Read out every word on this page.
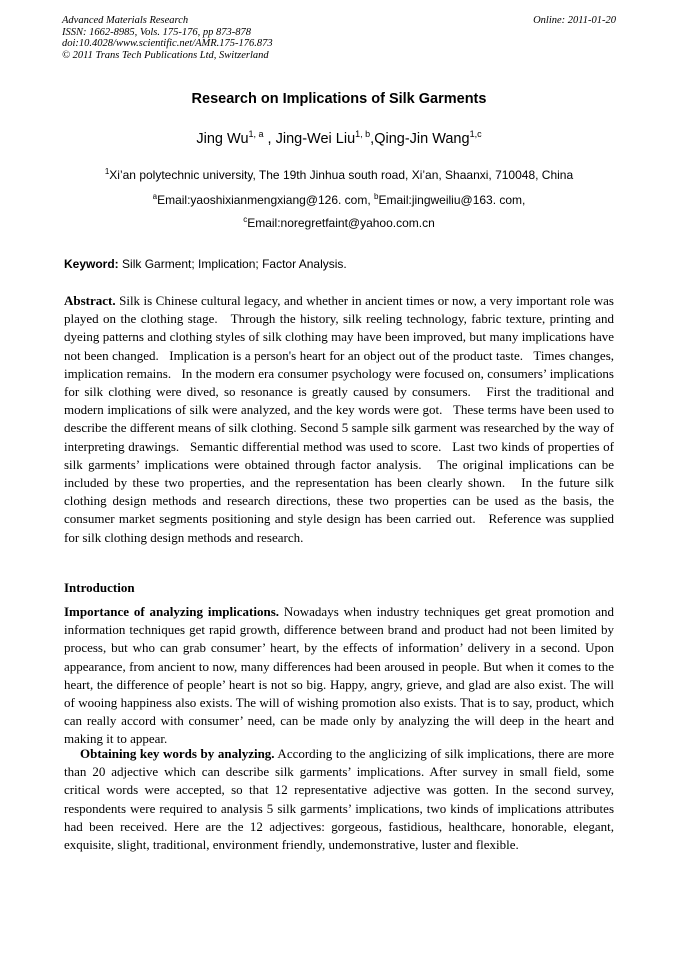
Advanced Materials Research
ISSN: 1662-8985, Vols. 175-176, pp 873-878
doi:10.4028/www.scientific.net/AMR.175-176.873
© 2011 Trans Tech Publications Ltd, Switzerland
Online: 2011-01-20
Research on Implications of Silk Garments
Jing Wu$^{1, a}$ , Jing-Wei Liu$^{1, b}$,Qing-Jin Wang$^{1,c}$
$^1$Xi’an polytechnic university, The 19th Jinhua south road, Xi’an, Shaanxi, 710048, China
$^a$Email:yaoshixianmengxiang@126. com, $^b$Email:jingweiliu@163. com,
$^c$Email:noregretfaint@yahoo.com.cn
Keyword: Silk Garment; Implication; Factor Analysis.
Abstract. Silk is Chinese cultural legacy, and whether in ancient times or now, a very important role was played on the clothing stage.   Through the history, silk reeling technology, fabric texture, printing and dyeing patterns and clothing styles of silk clothing may have been improved, but many implications have not been changed.   Implication is a person's heart for an object out of the product taste.   Times changes, implication remains.   In the modern era consumer psychology were focused on, consumers’ implications for silk clothing were dived, so resonance is greatly caused by consumers.   First the traditional and modern implications of silk were analyzed, and the key words were got.   These terms have been used to describe the different means of silk clothing. Second 5 sample silk garment was researched by the way of interpreting drawings.   Semantic differential method was used to score.   Last two kinds of properties of silk garments’ implications were obtained through factor analysis.   The original implications can be included by these two properties, and the representation has been clearly shown.   In the future silk clothing design methods and research directions, these two properties can be used as the basis, the consumer market segments positioning and style design has been carried out.   Reference was supplied for silk clothing design methods and research.
Introduction
Importance of analyzing implications. Nowadays when industry techniques get great promotion and information techniques get rapid growth, difference between brand and product had not been limited by process, but who can grab consumer’ heart, by the effects of information’ delivery in a second. Upon appearance, from ancient to now, many differences had been aroused in people. But when it comes to the heart, the difference of people’ heart is not so big. Happy, angry, grieve, and glad are also exist. The will of wooing happiness also exists. The will of wishing promotion also exists. That is to say, product, which can really accord with consumer’ need, can be made only by analyzing the will deep in the heart and making it to appear.
Obtaining key words by analyzing. According to the anglicizing of silk implications, there are more than 20 adjective which can describe silk garments’ implications. After survey in small field, some critical words were accepted, so that 12 representative adjective was gotten. In the second survey, respondents were required to analysis 5 silk garments’ implications, two kinds of implications attributes had been received. Here are the 12 adjectives: gorgeous, fastidious, healthcare, honorable, elegant, exquisite, slight, traditional, environment friendly, undemonstrative, luster and flexible.
